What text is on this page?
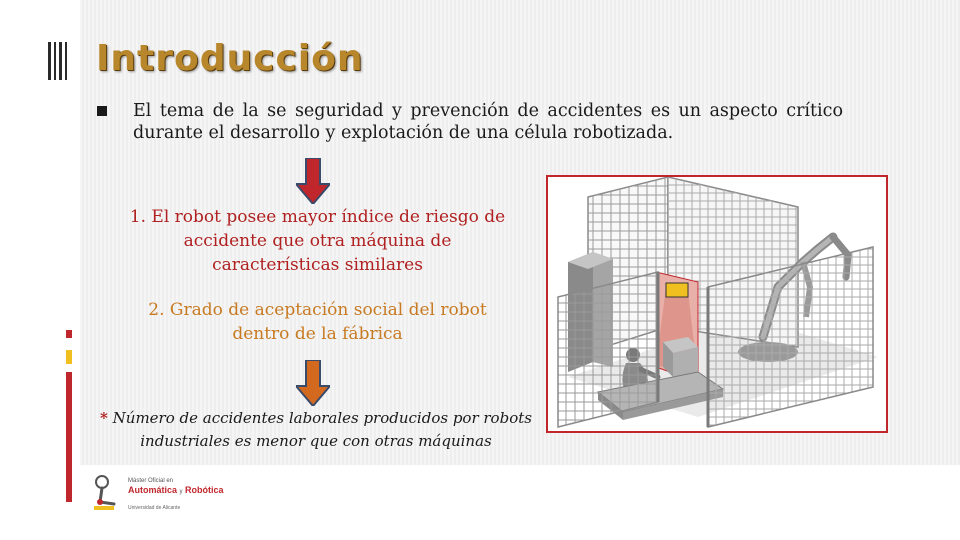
Introducción

El tema de la se seguridad y prevención de accidentes es un aspecto crítico durante el desarrollo y explotación de una célula robotizada.

1. El robot posee mayor índice de riesgo de accidente que otra máquina de características similares
2. Grado de aceptación social del robot dentro de la fábrica
* Número de accidentes laborales producidos por robots industriales es menor que con otras máquinas
Máster Oficial en
Automática y Robótica
Universidad de Alicante
